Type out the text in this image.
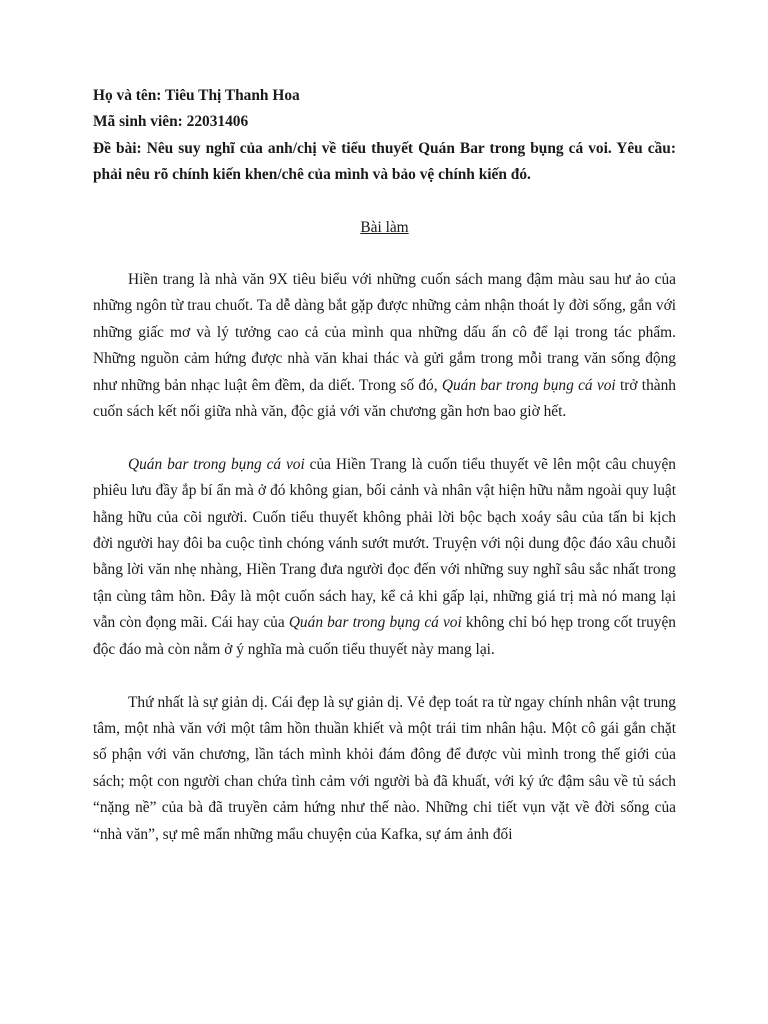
Họ và tên: Tiêu Thị Thanh Hoa
Mã sinh viên: 22031406
Đề bài: Nêu suy nghĩ của anh/chị về tiểu thuyết Quán Bar trong bụng cá voi. Yêu cầu: phải nêu rõ chính kiến khen/chê của mình và bảo vệ chính kiến đó.
Bài làm

Hiền trang là nhà văn 9X tiêu biểu với những cuốn sách mang đậm màu sau hư ảo của những ngôn từ trau chuốt. Ta dễ dàng bắt gặp được những cảm nhận thoát ly đời sống, gắn với những giấc mơ và lý tưởng cao cả của mình qua những dấu ấn cô để lại trong tác phẩm. Những nguồn cảm hứng được nhà văn khai thác và gửi gắm trong mỗi trang văn sống động như những bản nhạc luật êm đềm, da diết. Trong số đó, Quán bar trong bụng cá voi trở thành cuốn sách kết nối giữa nhà văn, độc giả với văn chương gần hơn bao giờ hết.

Quán bar trong bụng cá voi của Hiền Trang là cuốn tiểu thuyết vẽ lên một câu chuyện phiêu lưu đầy ắp bí ẩn mà ở đó không gian, bối cảnh và nhân vật hiện hữu nằm ngoài quy luật hằng hữu của cõi người. Cuốn tiểu thuyết không phải lời bộc bạch xoáy sâu của tấn bi kịch đời người hay đôi ba cuộc tình chóng vánh sướt mướt. Truyện với nội dung độc đáo xâu chuỗi bằng lời văn nhẹ nhàng, Hiền Trang đưa người đọc đến với những suy nghĩ sâu sắc nhất trong tận cùng tâm hồn. Đây là một cuốn sách hay, kể cả khi gấp lại, những giá trị mà nó mang lại vẫn còn đọng mãi. Cái hay của Quán bar trong bụng cá voi không chỉ bó hẹp trong cốt truyện độc đáo mà còn nằm ở ý nghĩa mà cuốn tiểu thuyết này mang lại.

Thứ nhất là sự giản dị. Cái đẹp là sự giản dị. Vẻ đẹp toát ra từ ngay chính nhân vật trung tâm, một nhà văn với một tâm hồn thuần khiết và một trái tim nhân hậu. Một cô gái gắn chặt số phận với văn chương, lần tách mình khỏi đám đông để được vùi mình trong thế giới của sách; một con người chan chứa tình cảm với người bà đã khuất, với ký ức đậm sâu về tủ sách “nặng nề” của bà đã truyền cảm hứng như thế nào. Những chi tiết vụn vặt về đời sống của “nhà văn”, sự mê mẩn những mẩu chuyện của Kafka, sự ám ảnh đối
